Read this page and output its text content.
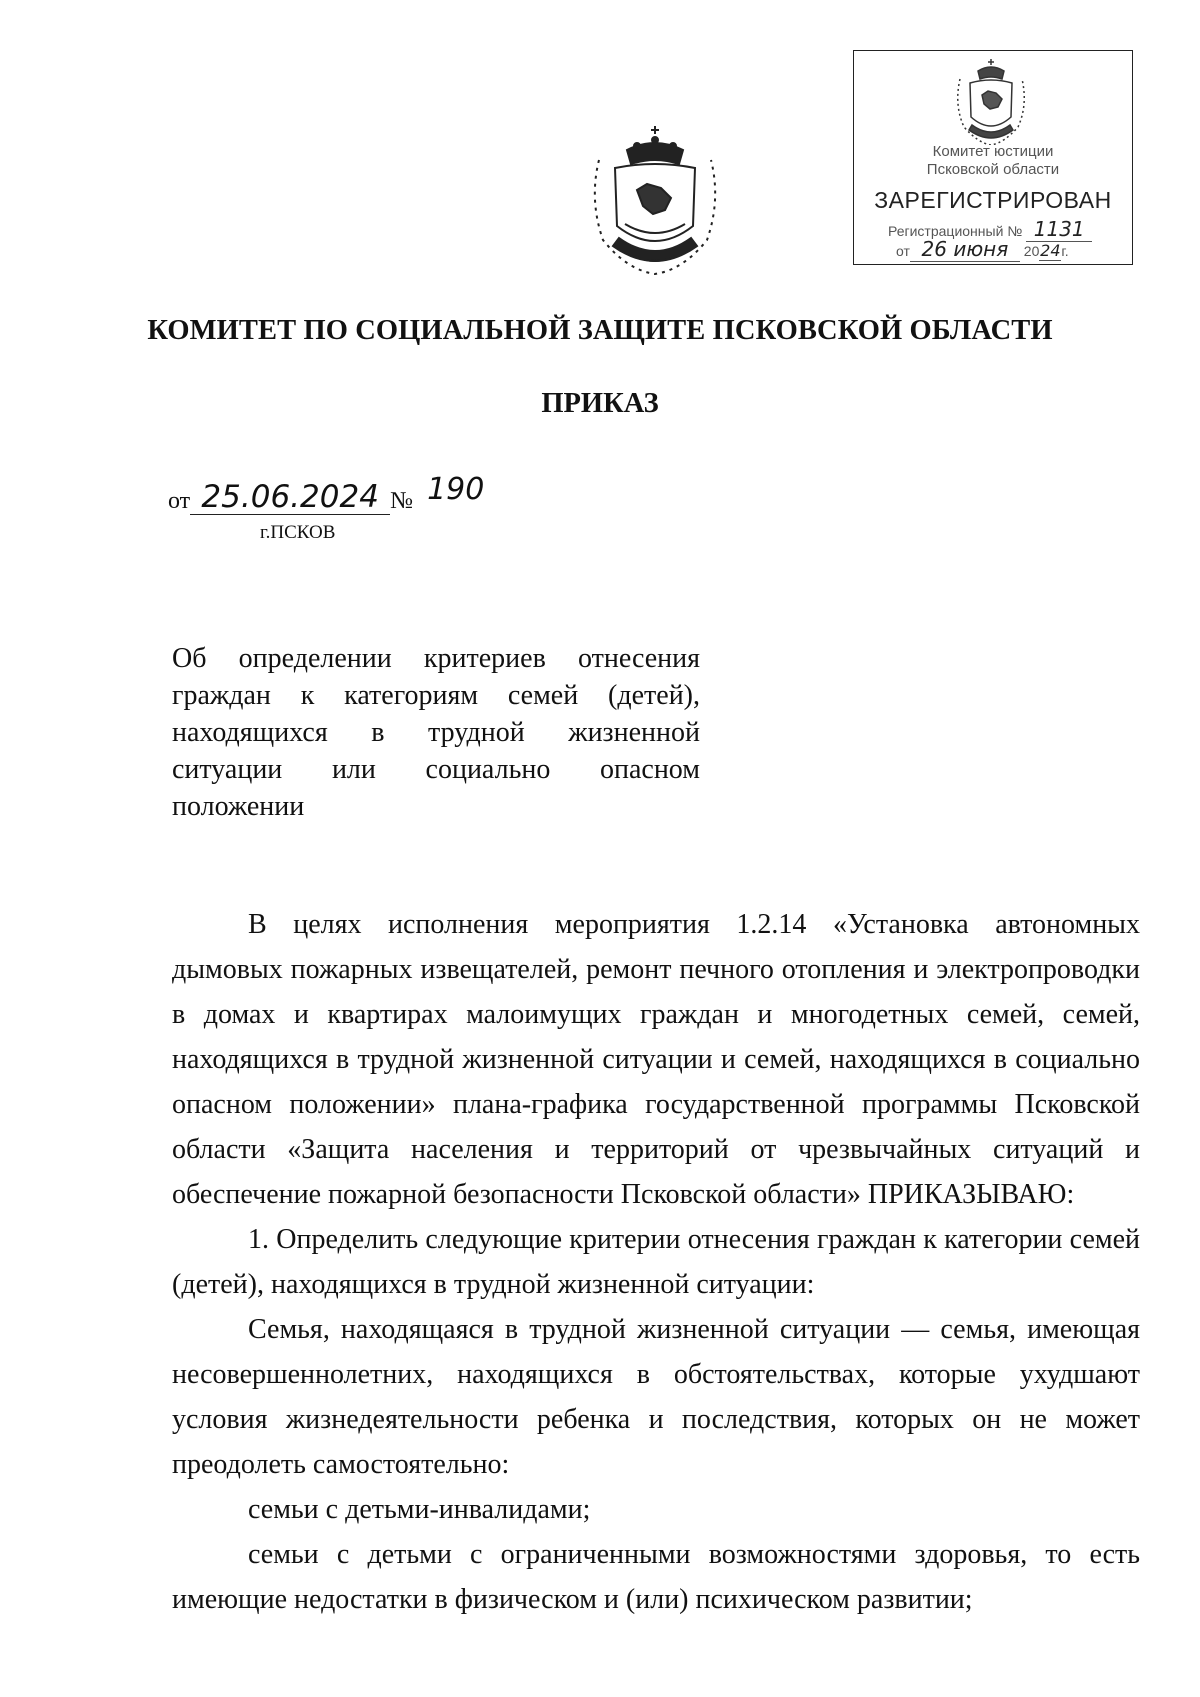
Комитет юстиции
Псковской области
ЗАРЕГИСТРИРОВАН
Регистрационный № 1131
от 26 июня 2024г.
КОМИТЕТ ПО СОЦИАЛЬНОЙ ЗАЩИТЕ ПСКОВСКОЙ ОБЛАСТИ
ПРИКАЗ
от 25.06.2024 № 190
г.ПСКОВ
Об определении критериев отнесения граждан к категориям семей (детей), находящихся в трудной жизненной ситуации или социально опасном положении

В целях исполнения мероприятия 1.2.14 «Установка автономных дымовых пожарных извещателей, ремонт печного отопления и электропроводки в домах и квартирах малоимущих граждан и многодетных семей, семей, находящихся в трудной жизненной ситуации и семей, находящихся в социально опасном положении» плана-графика государственной программы Псковской области «Защита населения и территорий от чрезвычайных ситуаций и обеспечение пожарной безопасности Псковской области» ПРИКАЗЫВАЮ:

1. Определить следующие критерии отнесения граждан к категории семей (детей), находящихся в трудной жизненной ситуации:

Семья, находящаяся в трудной жизненной ситуации — семья, имеющая несовершеннолетних, находящихся в обстоятельствах, которые ухудшают условия жизнедеятельности ребенка и последствия, которых он не может преодолеть самостоятельно:

семьи с детьми-инвалидами;

семьи с детьми с ограниченными возможностями здоровья, то есть имеющие недостатки в физическом и (или) психическом развитии;
